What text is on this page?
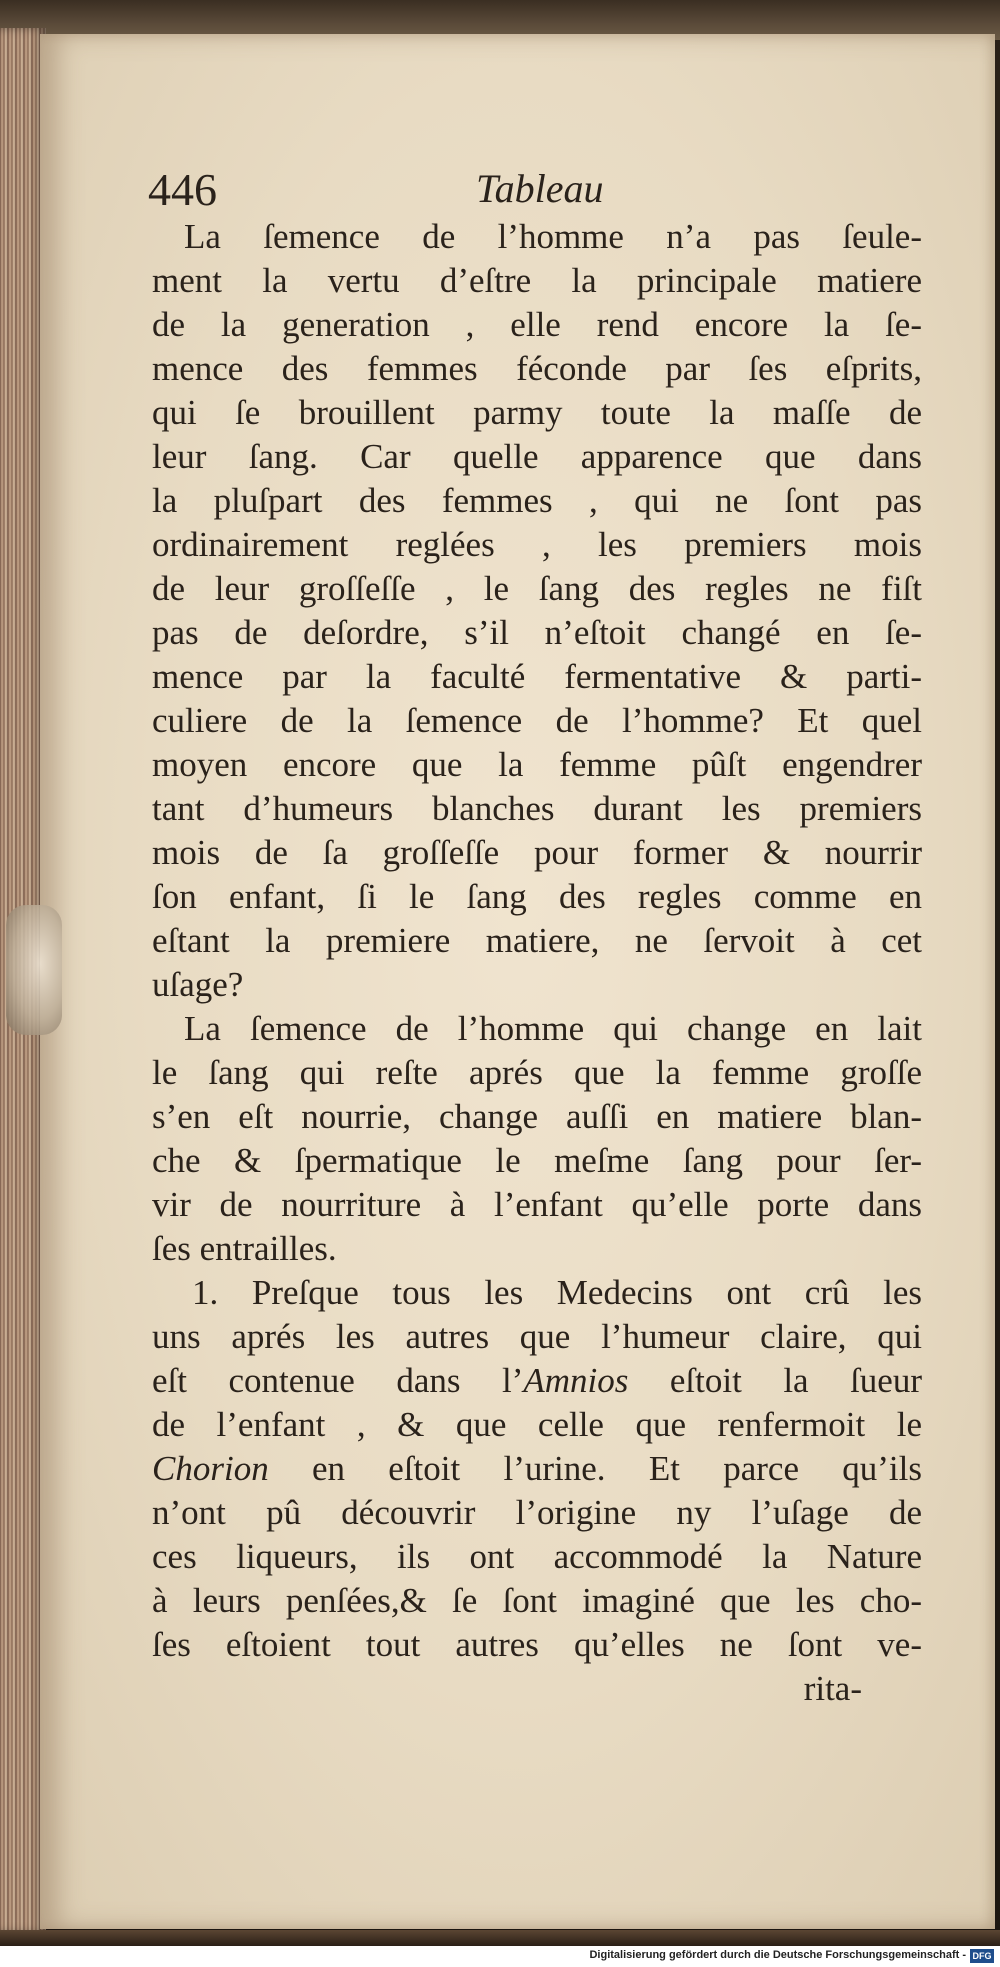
446	Tableau
La ſemence de l’homme n’a pas ſeule-
ment la vertu d’eſtre la principale matiere
de la generation , elle rend encore la ſe-
mence des femmes féconde par ſes eſprits,
qui ſe brouillent parmy toute la maſſe de
leur ſang. Car quelle apparence que dans
la pluſpart des femmes , qui ne ſont pas
ordinairement reglées , les premiers mois
de leur groſſeſſe , le ſang des regles ne fiſt
pas de deſordre, s’il n’eſtoit changé en ſe-
mence par la faculté fermentative & parti-
culiere de la ſemence de l’homme? Et quel
moyen encore que la femme pûſt engendrer
tant d’humeurs blanches durant les premiers
mois de ſa groſſeſſe pour former & nourrir
ſon enfant, ſi le ſang des regles comme en
eſtant la premiere matiere, ne ſervoit à cet
uſage?
La ſemence de l’homme qui change en lait
le ſang qui reſte aprés que la femme groſſe
s’en eſt nourrie, change auſſi en matiere blan-
che & ſpermatique le meſme ſang pour ſer-
vir de nourriture à l’enfant qu’elle porte dans
ſes entrailles.
1. Preſque tous les Medecins ont crû les
uns aprés les autres que l’humeur claire, qui
eſt contenue dans l’Amnios eſtoit la ſueur
de l’enfant , & que celle que renfermoit le
Chorion en eſtoit l’urine. Et parce qu’ils
n’ont pû découvrir l’origine ny l’uſage de
ces liqueurs, ils ont accommodé la Nature
à leurs penſées,& ſe ſont imaginé que les cho-
ſes eſtoient tout autres qu’elles ne ſont ve-
rita-
Digitalisierung gefördert durch die Deutsche Forschungsgemeinschaft - DFG
